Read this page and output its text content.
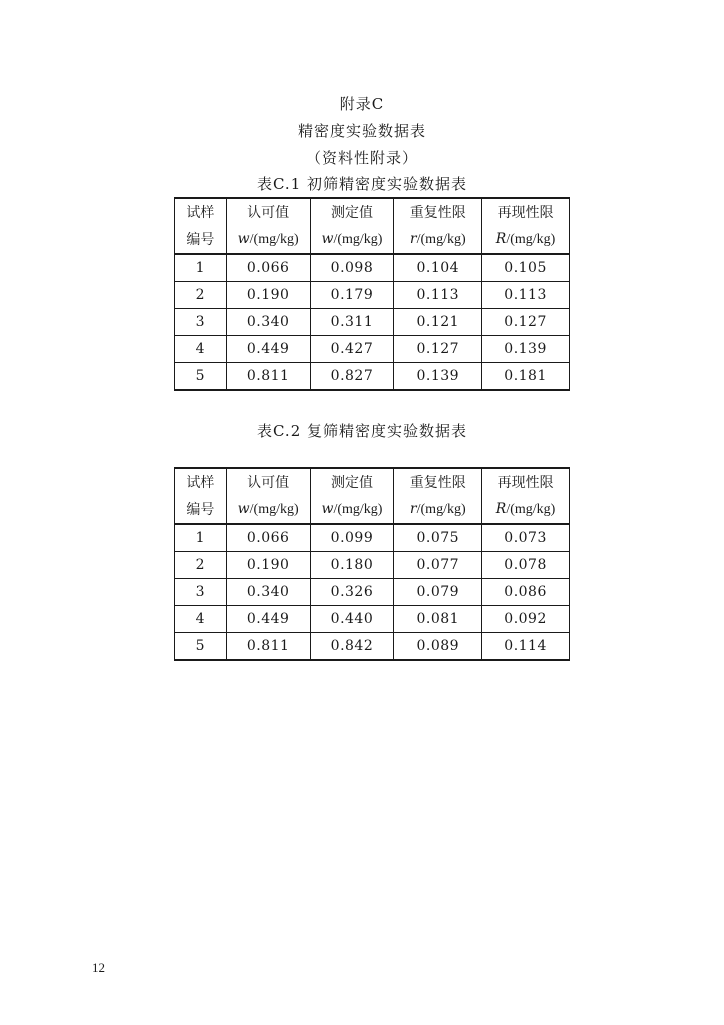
附录C
精密度实验数据表
（资料性附录）
表C.1 初筛精密度实验数据表
试样	认可值	测定值	重复性限	再现性限
编号	w/(mg/kg)	w/(mg/kg)	r/(mg/kg)	R/(mg/kg)
1	0.066	0.098	0.104	0.105
2	0.190	0.179	0.113	0.113
3	0.340	0.311	0.121	0.127
4	0.449	0.427	0.127	0.139
5	0.811	0.827	0.139	0.181
表C.2 复筛精密度实验数据表
试样	认可值	测定值	重复性限	再现性限
编号	w/(mg/kg)	w/(mg/kg)	r/(mg/kg)	R/(mg/kg)
1	0.066	0.099	0.075	0.073
2	0.190	0.180	0.077	0.078
3	0.340	0.326	0.079	0.086
4	0.449	0.440	0.081	0.092
5	0.811	0.842	0.089	0.114
12
